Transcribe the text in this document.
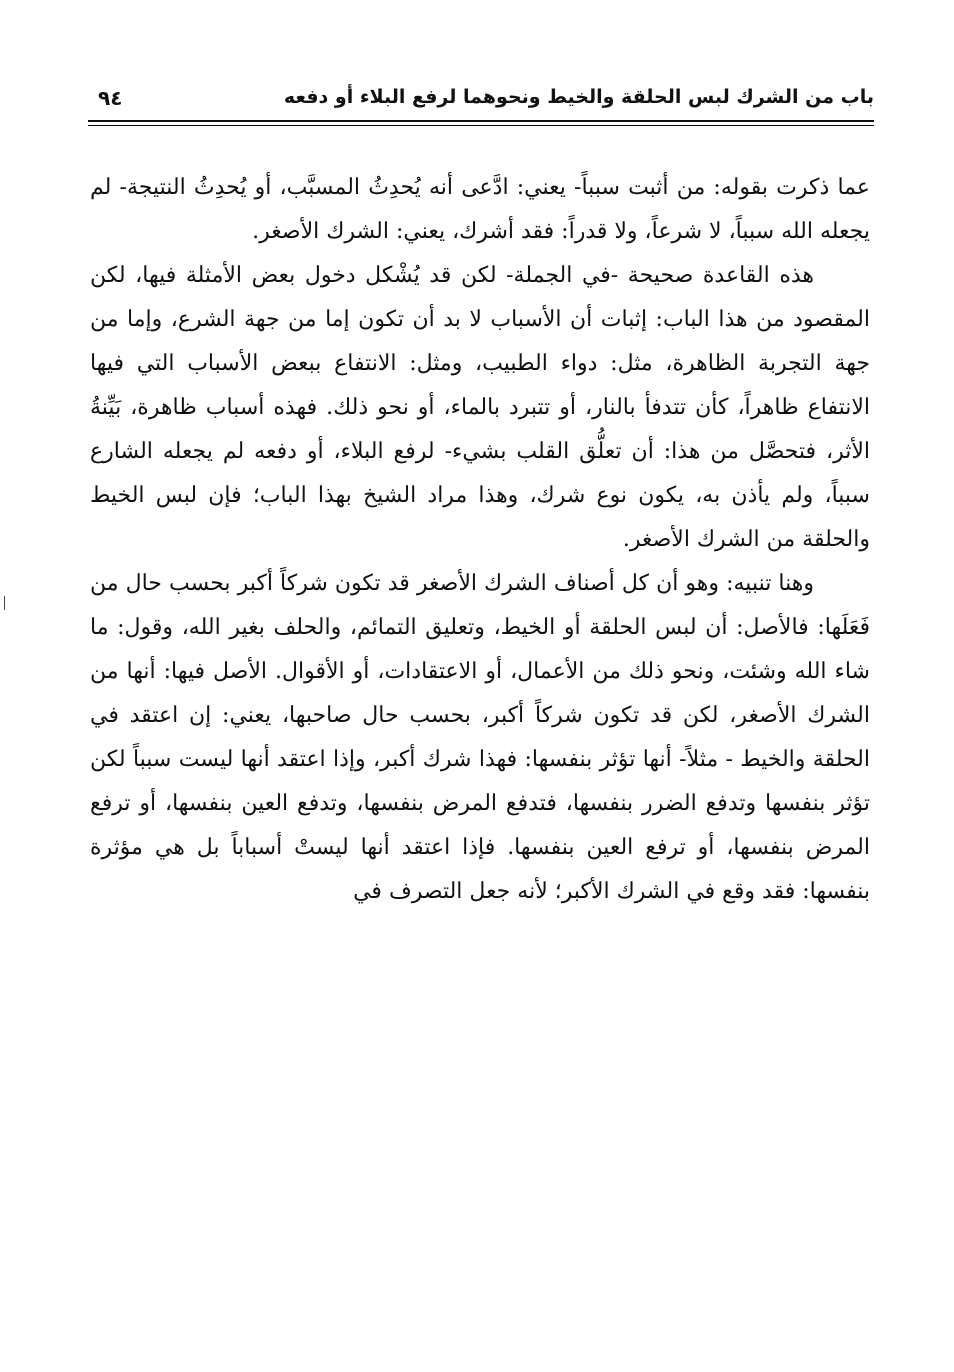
باب من الشرك لبس الحلقة والخيط ونحوهما لرفع البلاء أو دفعه
٩٤

عما ذكرت بقوله: من أثبت سبباً- يعني: ادَّعى أنه يُحدِثُ المسبَّب، أو يُحدِثُ النتيجة- لم يجعله الله سبباً، لا شرعاً، ولا قدراً: فقد أشرك، يعني: الشرك الأصغر.

هذه القاعدة صحيحة -في الجملة- لكن قد يُشْكل دخول بعض الأمثلة فيها، لكن المقصود من هذا الباب: إثبات أن الأسباب لا بد أن تكون إما من جهة الشرع، وإما من جهة التجربة الظاهرة، مثل: دواء الطبيب، ومثل: الانتفاع ببعض الأسباب التي فيها الانتفاع ظاهراً، كأن تتدفأ بالنار، أو تتبرد بالماء، أو نحو ذلك. فهذه أسباب ظاهرة، بَيِّنةُ الأثر، فتحصَّل من هذا: أن تعلُّق القلب بشيء- لرفع البلاء، أو دفعه لم يجعله الشارع سبباً، ولم يأذن به، يكون نوع شرك، وهذا مراد الشيخ بهذا الباب؛ فإن لبس الخيط والحلقة من الشرك الأصغر.

وهنا تنبيه: وهو أن كل أصناف الشرك الأصغر قد تكون شركاً أكبر بحسب حال من فَعَلَها: فالأصل: أن لبس الحلقة أو الخيط، وتعليق التمائم، والحلف بغير الله، وقول: ما شاء الله وشئت، ونحو ذلك من الأعمال، أو الاعتقادات، أو الأقوال. الأصل فيها: أنها من الشرك الأصغر، لكن قد تكون شركاً أكبر، بحسب حال صاحبها، يعني: إن اعتقد في الحلقة والخيط - مثلاً- أنها تؤثر بنفسها: فهذا شرك أكبر، وإذا اعتقد أنها ليست سبباً لكن تؤثر بنفسها وتدفع الضرر بنفسها، فتدفع المرض بنفسها، وتدفع العين بنفسها، أو ترفع المرض بنفسها، أو ترفع العين بنفسها. فإذا اعتقد أنها ليستْ أسباباً بل هي مؤثرة بنفسها: فقد وقع في الشرك الأكبر؛ لأنه جعل التصرف في
